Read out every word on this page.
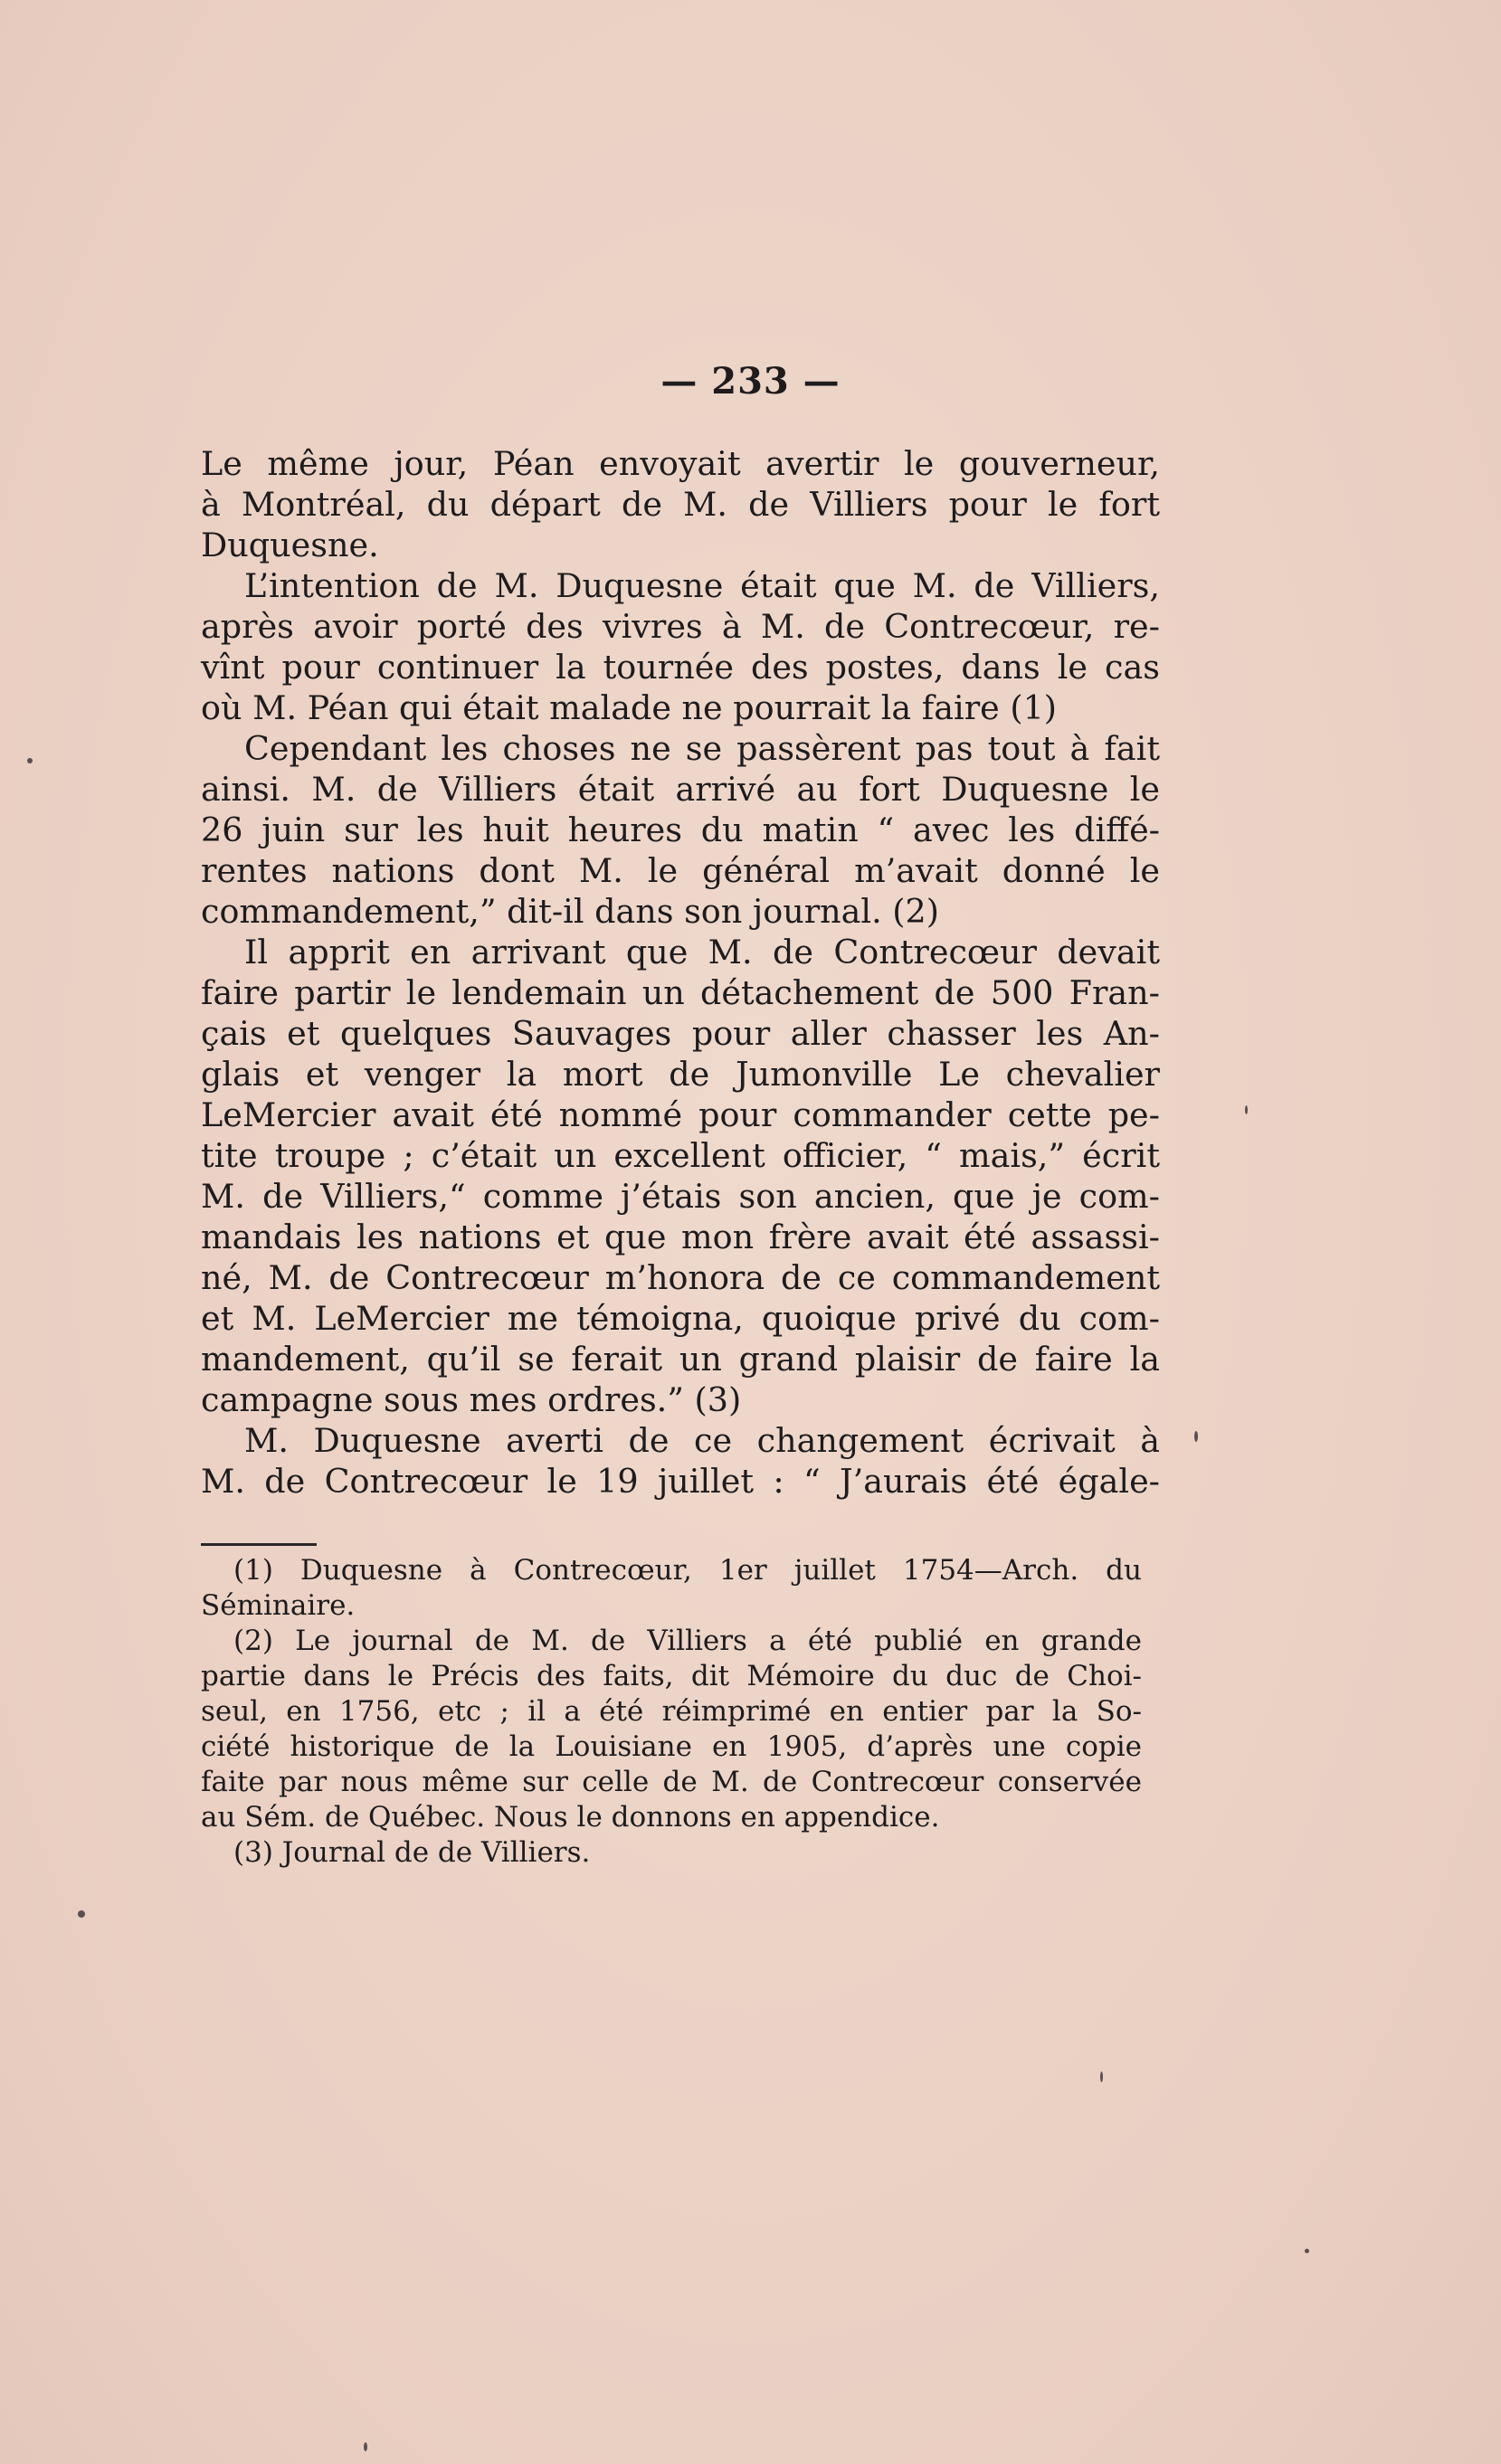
— 233 —
Le même jour, Péan envoyait avertir le gouverneur,
à Montréal, du départ de M. de Villiers pour le fort
Duquesne.
L’intention de M. Duquesne était que M. de Villiers,
après avoir porté des vivres à M. de Contrecœur, re-
vînt pour continuer la tournée des postes, dans le cas
où M. Péan qui était malade ne pourrait la faire (1)
Cependant les choses ne se passèrent pas tout à fait
ainsi. M. de Villiers était arrivé au fort Duquesne le
26 juin sur les huit heures du matin “ avec les diffé-
rentes nations dont M. le général m’avait donné le
commandement,” dit-il dans son journal. (2)
Il apprit en arrivant que M. de Contrecœur devait
faire partir le lendemain un détachement de 500 Fran-
çais et quelques Sauvages pour aller chasser les An-
glais et venger la mort de Jumonville Le chevalier
LeMercier avait été nommé pour commander cette pe-
tite troupe ; c’était un excellent officier, “ mais,” écrit
M. de Villiers,“ comme j’étais son ancien, que je com-
mandais les nations et que mon frère avait été assassi-
né, M. de Contrecœur m’honora de ce commandement
et M. LeMercier me témoigna, quoique privé du com-
mandement, qu’il se ferait un grand plaisir de faire la
campagne sous mes ordres.” (3)
M. Duquesne averti de ce changement écrivait à
M. de Contrecœur le 19 juillet : “ J’aurais été égale-
(1) Duquesne à Contrecœur, 1er juillet 1754—Arch. du
Séminaire.
(2) Le journal de M. de Villiers a été publié en grande
partie dans le Précis des faits, dit Mémoire du duc de Choi-
seul, en 1756, etc ; il a été réimprimé en entier par la So-
ciété historique de la Louisiane en 1905, d’après une copie
faite par nous même sur celle de M. de Contrecœur conservée
au Sém. de Québec. Nous le donnons en appendice.
(3) Journal de de Villiers.
